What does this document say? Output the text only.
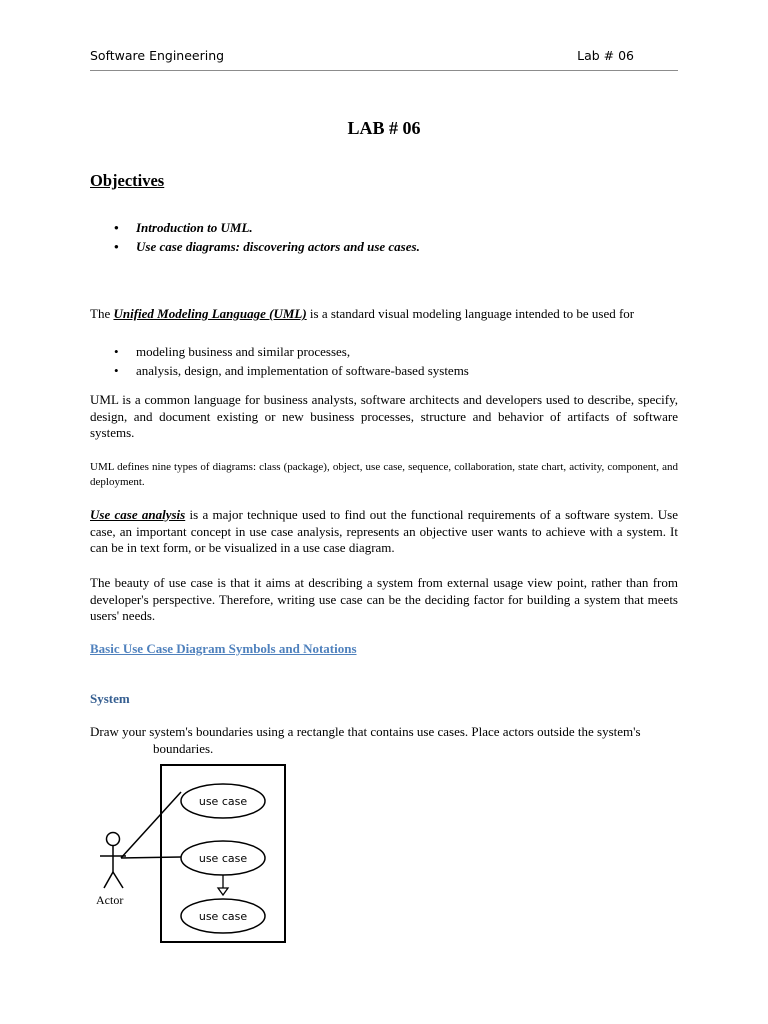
Software Engineering	Lab # 06
LAB # 06
Objectives
• Introduction to UML.
• Use case diagrams: discovering actors and use cases.
The Unified Modeling Language (UML) is a standard visual modeling language intended to be used for
• modeling business and similar processes,
• analysis, design, and implementation of software-based systems
UML is a common language for business analysts, software architects and developers used to describe, specify, design, and document existing or new business processes, structure and behavior of artifacts of software systems.
UML defines nine types of diagrams: class (package), object, use case, sequence, collaboration, state chart, activity, component, and deployment.
Use case analysis is a major technique used to find out the functional requirements of a software system. Use case, an important concept in use case analysis, represents an objective user wants to achieve with a system. It can be in text form, or be visualized in a use case diagram.
The beauty of use case is that it aims at describing a system from external usage view point, rather than from developer's perspective. Therefore, writing use case can be the deciding factor for building a system that meets users' needs.
Basic Use Case Diagram Symbols and Notations
System
Draw your system's boundaries using a rectangle that contains use cases. Place actors outside the system's
boundaries.
use case
use case
use case
Actor
